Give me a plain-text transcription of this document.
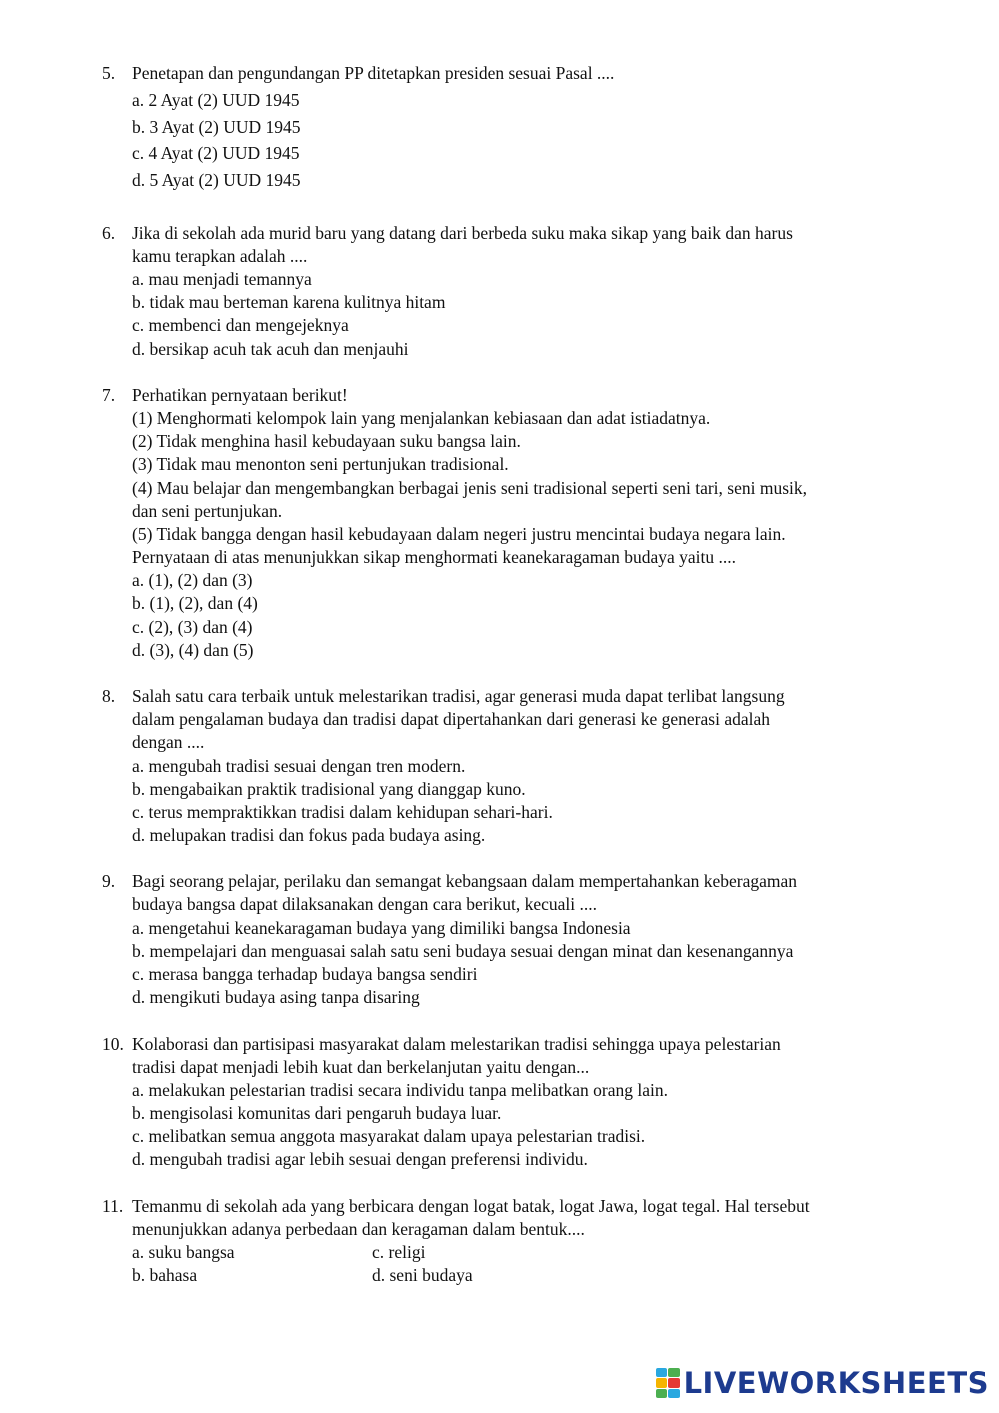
5. Penetapan dan pengundangan PP ditetapkan presiden sesuai Pasal ....
a. 2 Ayat (2) UUD 1945
b. 3 Ayat (2) UUD 1945
c. 4 Ayat (2) UUD 1945
d. 5 Ayat (2) UUD 1945
6. Jika di sekolah ada murid baru yang datang dari berbeda suku maka sikap yang baik dan harus
kamu terapkan adalah ....
a. mau menjadi temannya
b. tidak mau berteman karena kulitnya hitam
c. membenci dan mengejeknya
d. bersikap acuh tak acuh dan menjauhi
7. Perhatikan pernyataan berikut!
(1) Menghormati kelompok lain yang menjalankan kebiasaan dan adat istiadatnya.
(2) Tidak menghina hasil kebudayaan suku bangsa lain.
(3) Tidak mau menonton seni pertunjukan tradisional.
(4) Mau belajar dan mengembangkan berbagai jenis seni tradisional seperti seni tari, seni musik,
dan seni pertunjukan.
(5) Tidak bangga dengan hasil kebudayaan dalam negeri justru mencintai budaya negara lain.
Pernyataan di atas menunjukkan sikap menghormati keanekaragaman budaya yaitu ....
a. (1), (2) dan (3)
b. (1), (2), dan (4)
c. (2), (3) dan (4)
d. (3), (4) dan (5)
8. Salah satu cara terbaik untuk melestarikan tradisi, agar generasi muda dapat terlibat langsung
dalam pengalaman budaya dan tradisi dapat dipertahankan dari generasi ke generasi adalah
dengan ....
a. mengubah tradisi sesuai dengan tren modern.
b. mengabaikan praktik tradisional yang dianggap kuno.
c. terus mempraktikkan tradisi dalam kehidupan sehari-hari.
d. melupakan tradisi dan fokus pada budaya asing.
9. Bagi seorang pelajar, perilaku dan semangat kebangsaan dalam mempertahankan keberagaman
budaya bangsa dapat dilaksanakan dengan cara berikut, kecuali ....
a. mengetahui keanekaragaman budaya yang dimiliki bangsa Indonesia
b. mempelajari dan menguasai salah satu seni budaya sesuai dengan minat dan kesenangannya
c. merasa bangga terhadap budaya bangsa sendiri
d. mengikuti budaya asing tanpa disaring
10. Kolaborasi dan partisipasi masyarakat dalam melestarikan tradisi sehingga upaya pelestarian
tradisi dapat menjadi lebih kuat dan berkelanjutan yaitu dengan...
a. melakukan pelestarian tradisi secara individu tanpa melibatkan orang lain.
b. mengisolasi komunitas dari pengaruh budaya luar.
c. melibatkan semua anggota masyarakat dalam upaya pelestarian tradisi.
d. mengubah tradisi agar lebih sesuai dengan preferensi individu.
11. Temanmu di sekolah ada yang berbicara dengan logat batak, logat Jawa, logat tegal. Hal tersebut
menunjukkan adanya perbedaan dan keragaman dalam bentuk....
a. suku bangsa	c. religi
b. bahasa	d. seni budaya
LIVEWORKSHEETS
